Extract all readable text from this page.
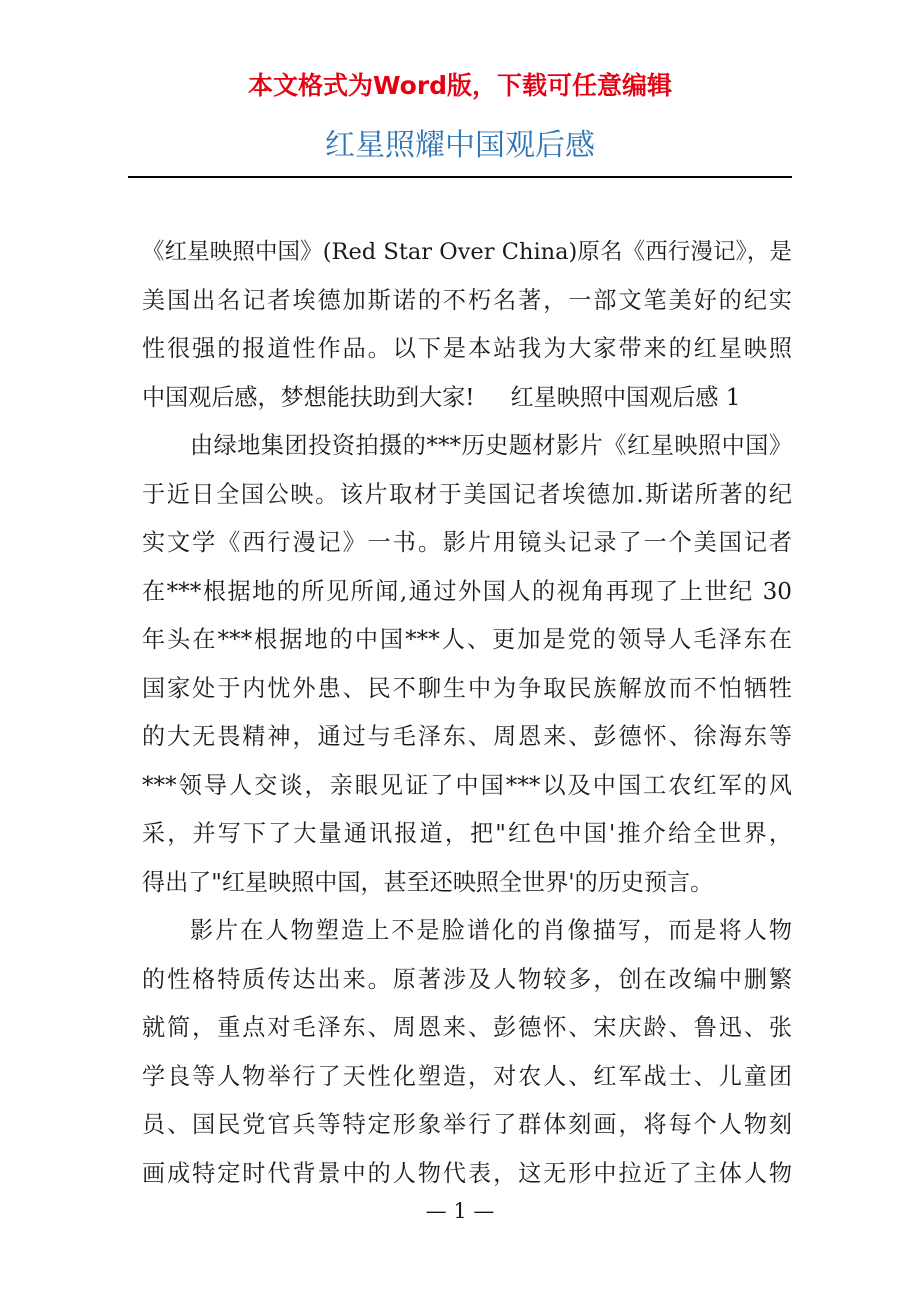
本文格式为Word版，下载可任意编辑
红星照耀中国观后感
《红星映照中国》(Red Star Over China)原名《西行漫记》，是
美国出名记者埃德加斯诺的不朽名著，一部文笔美好的纪实
性很强的报道性作品。以下是本站我为大家带来的红星映照
中国观后感，梦想能扶助到大家! 红星映照中国观后感 1
由绿地集团投资拍摄的***历史题材影片《红星映照中国》
于近日全国公映。该片取材于美国记者埃德加.斯诺所著的纪
实文学《西行漫记》一书。影片用镜头记录了一个美国记者
在***根据地的所见所闻,通过外国人的视角再现了上世纪 30
年头在***根据地的中国***人、更加是党的领导人毛泽东在
国家处于内忧外患、民不聊生中为争取民族解放而不怕牺牲
的大无畏精神，通过与毛泽东、周恩来、彭德怀、徐海东等
***领导人交谈，亲眼见证了中国***以及中国工农红军的风
采，并写下了大量通讯报道，把"红色中国'推介给全世界，
得出了"红星映照中国，甚至还映照全世界'的历史预言。
影片在人物塑造上不是脸谱化的肖像描写，而是将人物
的性格特质传达出来。原著涉及人物较多，创在改编中删繁
就简，重点对毛泽东、周恩来、彭德怀、宋庆龄、鲁迅、张
学良等人物举行了天性化塑造，对农人、红军战士、儿童团
员、国民党官兵等特定形象举行了群体刻画，将每个人物刻
画成特定时代背景中的人物代表，这无形中拉近了主体人物
— 1 —
